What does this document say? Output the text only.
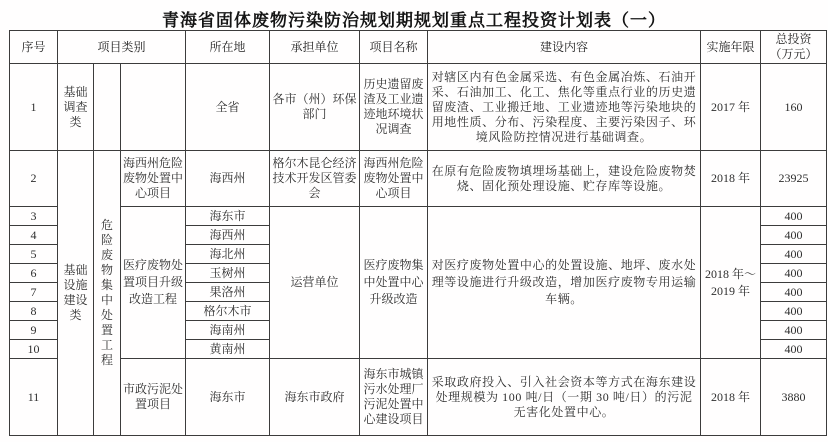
青海省固体废物污染防治规划期规划重点工程投资计划表（一）
序号	项目类别			所在地	承担单位	项目名称	建设内容	实施年限	总投资
（万元）

1	基础调查类			全省	各市（州）环保部门	历史遗留废渣及工业遗迹地环境状况调查	对辖区内有色金属采选、有色金属冶炼、石油开采、石油加工、化工、焦化等重点行业的历史遗留废渣、工业搬迁地、工业遗迹地等污染地块的用地性质、分布、污染程度、主要污染因子、环境风险防控情况进行基础调查。	2017 年	160
2	基础设施建设类	危险废物集中处置工程	海西州危险废物处置中心项目	海西州	格尔木昆仑经济技术开发区管委会	海西州危险废物处置中心项目	在原有危险废物填埋场基础上，建设危险废物焚烧、固化预处理设施、贮存库等设施。	2018 年	23925
3			医疗废物处置项目升级改造工程	海东市	运营单位	医疗废物集中处置中心升级改造	对医疗废物处置中心的处置设施、地坪、废水处理等设施进行升级改造，增加医疗废物专用运输车辆。	2018 年～2019 年	400
4				海西州					400
5				海北州					400
6				玉树州					400
7				果洛州					400
8				格尔木市					400
9				海南州					400
10				黄南州					400
11			市政污泥处置项目	海东市	海东市政府	海东市城镇污水处理厂污泥处置中心建设项目	采取政府投入、引入社会资本等方式在海东建设处理规模为 100 吨/日（一期 30 吨/日）的污泥无害化处置中心。	2018 年	3880
